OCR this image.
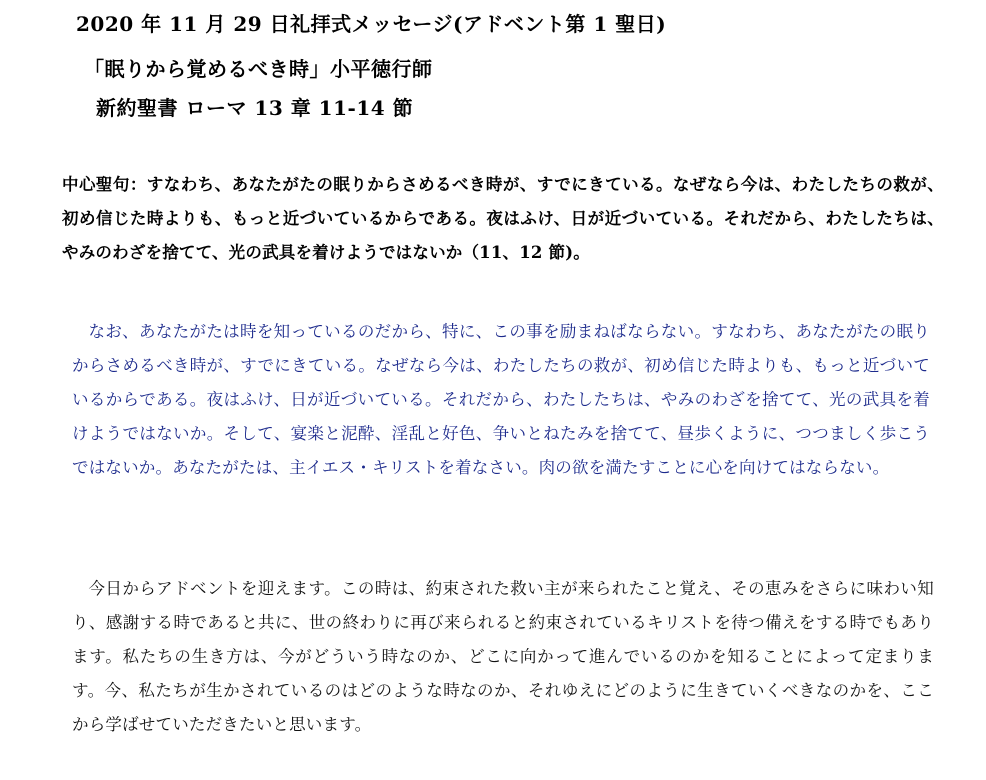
2020 年 11 月 29 日礼拝式メッセージ(アドベント第 1 聖日)
「眠りから覚めるべき時」小平徳行師
新約聖書 ローマ 13 章 11-14 節
中心聖句：すなわち、あなたがたの眠りからさめるべき時が、すでにきている。なぜなら今は、わたしたちの救が、初め信じた時よりも、もっと近づいているからである。夜はふけ、日が近づいている。それだから、わたしたちは、やみのわざを捨てて、光の武具を着けようではないか（11、12 節)。
なお、あなたがたは時を知っているのだから、特に、この事を励まねばならない。すなわち、あなたがたの眠りからさめるべき時が、すでにきている。なぜなら今は、わたしたちの救が、初め信じた時よりも、もっと近づいているからである。夜はふけ、日が近づいている。それだから、わたしたちは、やみのわざを捨てて、光の武具を着けようではないか。そして、宴楽と泥酔、淫乱と好色、争いとねたみを捨てて、昼歩くように、つつましく歩こうではないか。あなたがたは、主イエス・キリストを着なさい。肉の欲を満たすことに心を向けてはならない。
今日からアドベントを迎えます。この時は、約束された救い主が来られたこと覚え、その恵みをさらに味わい知り、感謝する時であると共に、世の終わりに再び来られると約束されているキリストを待つ備えをする時でもあります。私たちの生き方は、今がどういう時なのか、どこに向かって進んでいるのかを知ることによって定まります。今、私たちが生かされているのはどのような時なのか、それゆえにどのように生きていくべきなのかを、ここから学ばせていただきたいと思います。
